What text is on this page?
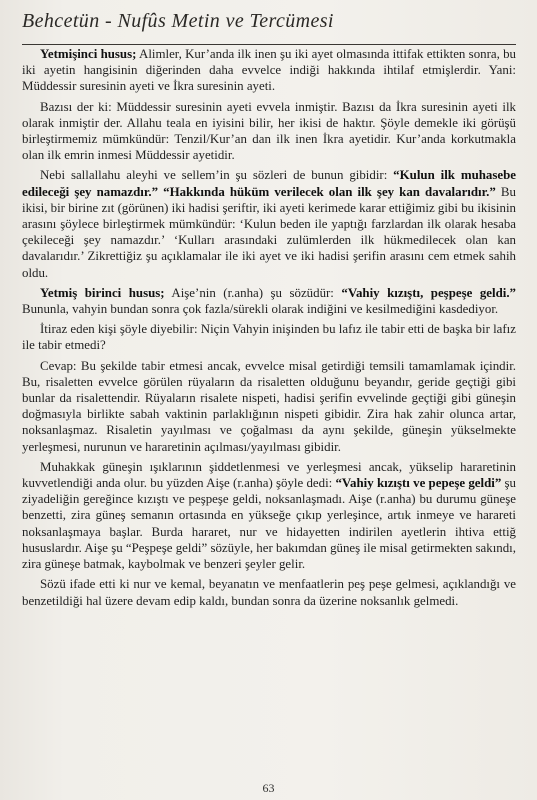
Behcetün - Nufûs Metin ve Tercümesi

Yetmişinci husus; Alimler, Kur’anda ilk inen şu iki ayet olmasında ittifak ettikten sonra, bu iki ayetin hangisinin diğerinden daha evvelce indiği hakkında ihtilaf etmişlerdir. Yani: Müddessir suresinin ayeti ve İkra suresinin ayeti.

Bazısı der ki: Müddessir suresinin ayeti evvela inmiştir. Bazısı da İkra suresinin ayeti ilk olarak inmiştir der. Allahu teala en iyisini bilir, her ikisi de haktır. Şöyle demekle iki görüşü birleştirmemiz mümkündür: Tenzil/Kur’an dan ilk inen İkra ayetidir. Kur’anda korkutmakla olan ilk emrin inmesi Müddessir ayetidir.

Nebi sallallahu aleyhi ve sellem’in şu sözleri de bunun gibidir: “Kulun ilk muhasebe edileceği şey namazdır.” “Hakkında hüküm verilecek olan ilk şey kan davalarıdır.” Bu ikisi, bir birine zıt (görünen) iki hadisi şeriftir, iki ayeti kerimede karar ettiğimiz gibi bu ikisinin arasını şöylece birleştirmek mümkündür: ‘Kulun beden ile yaptığı farzlardan ilk olarak hesaba çekileceği şey namazdır.’ ‘Kulları arasındaki zulümlerden ilk hükmedilecek olan kan davalarıdır.’ Zikrettiğiz şu açıklamalar ile iki ayet ve iki hadisi şerifin arasını cem etmek sahih oldu.

Yetmiş birinci husus; Aişe’nin (r.anha) şu sözüdür: “Vahiy kızıştı, peşpeşe geldi.” Bununla, vahyin bundan sonra çok fazla/sürekli olarak indiğini ve kesilmediğini kasdediyor.

İtiraz eden kişi şöyle diyebilir: Niçin Vahyin inişinden bu lafız ile tabir etti de başka bir lafız ile tabir etmedi?

Cevap: Bu şekilde tabir etmesi ancak, evvelce misal getirdiği temsili tamamlamak içindir. Bu, risaletten evvelce görülen rüyaların da risaletten olduğunu beyandır, geride geçtiği gibi bunlar da risalettendir. Rüyaların risalete nispeti, hadisi şerifin evvelinde geçtiği gibi güneşin doğmasıyla birlikte sabah vaktinin parlaklığının nispeti gibidir. Zira hak zahir olunca artar, noksanlaşmaz. Risaletin yayılması ve çoğalması da aynı şekilde, güneşin yükselmekte yerleşmesi, nurunun ve hararetinin açılması/yayılması gibidir.

Muhakkak güneşin ışıklarının şiddetlenmesi ve yerleşmesi ancak, yükselip hararetinin kuvvetlendiği anda olur. bu yüzden Aişe (r.anha) şöyle dedi: “Vahiy kızıştı ve pepeşe geldi” şu ziyadeliğin gereğince kızıştı ve peşpeşe geldi, noksanlaşmadı. Aişe (r.anha) bu durumu güneşe benzetti, zira güneş semanın ortasında en yükseğe çıkıp yerleşince, artık inmeye ve harareti noksanlaşmaya başlar. Burda hararet, nur ve hidayetten indirilen ayetlerin ihtiva ettiğ hususlardır. Aişe şu “Peşpeşe geldi” sözüyle, her bakımdan güneş ile misal getirmekten sakındı, zira güneşe batmak, kaybolmak ve benzeri şeyler gelir.

Sözü ifade etti ki nur ve kemal, beyanatın ve menfaatlerin peş peşe gelmesi, açıklandığı ve benzetildiği hal üzere devam edip kaldı, bundan sonra da üzerine noksanlık gelmedi.

63
